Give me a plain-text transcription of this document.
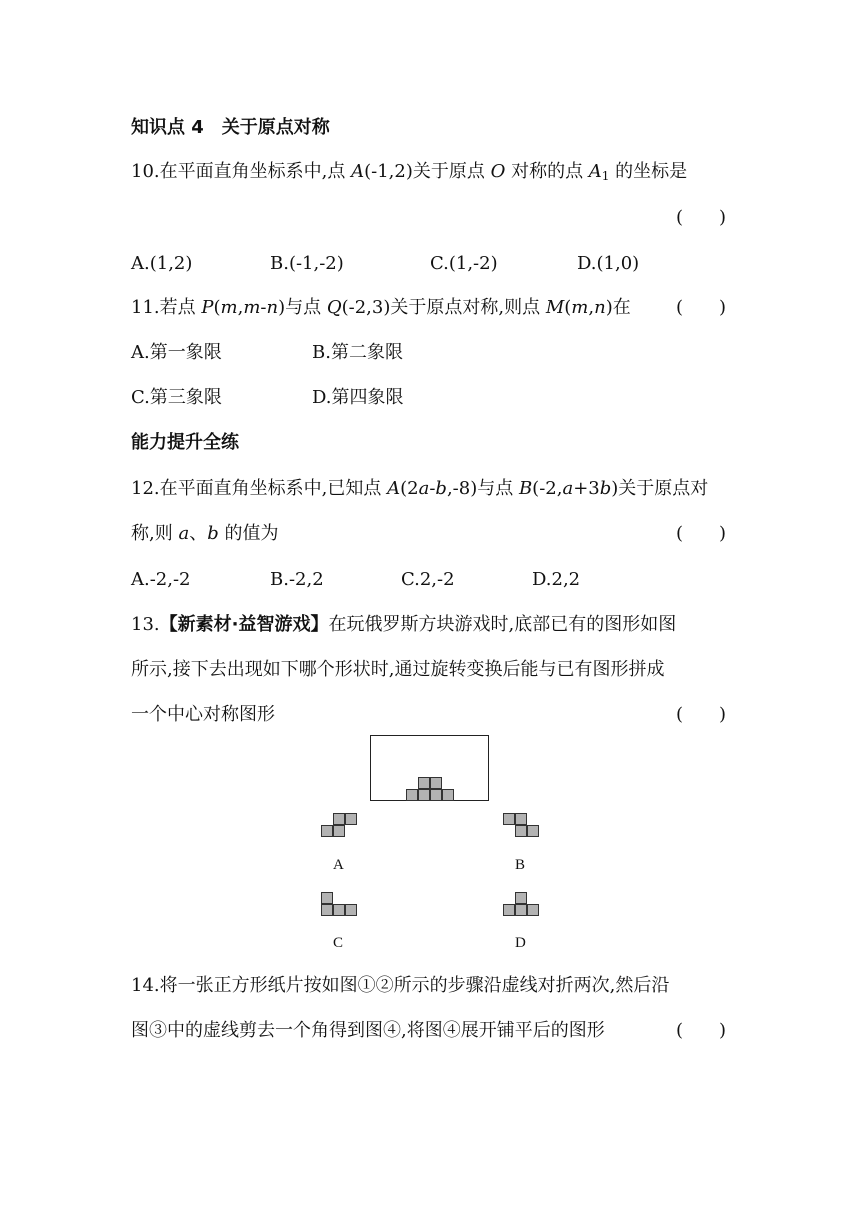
知识点 4　关于原点对称
10.在平面直角坐标系中,点 A(-1,2)关于原点 O 对称的点 $A_1$ 的坐标是
(　　)
A.(1,2)	B.(-1,-2)	C.(1,-2)	D.(1,0)
11.若点 P(m,m-n)与点 Q(-2,3)关于原点对称,则点 M(m,n)在	(　　)
A.第一象限	B.第二象限
C.第三象限	D.第四象限
能力提升全练
12.在平面直角坐标系中,已知点 A(2a-b,-8)与点 B(-2,a+3b)关于原点对
称,则 a、b 的值为	(　　)
A.-2,-2	B.-2,2	C.2,-2	D.2,2
13.【新素材·益智游戏】在玩俄罗斯方块游戏时,底部已有的图形如图
所示,接下去出现如下哪个形状时,通过旋转变换后能与已有图形拼成
一个中心对称图形	(　　)
A	B
C	D
14.将一张正方形纸片按如图①②所示的步骤沿虚线对折两次,然后沿
图③中的虚线剪去一个角得到图④,将图④展开铺平后的图形	(　　)
